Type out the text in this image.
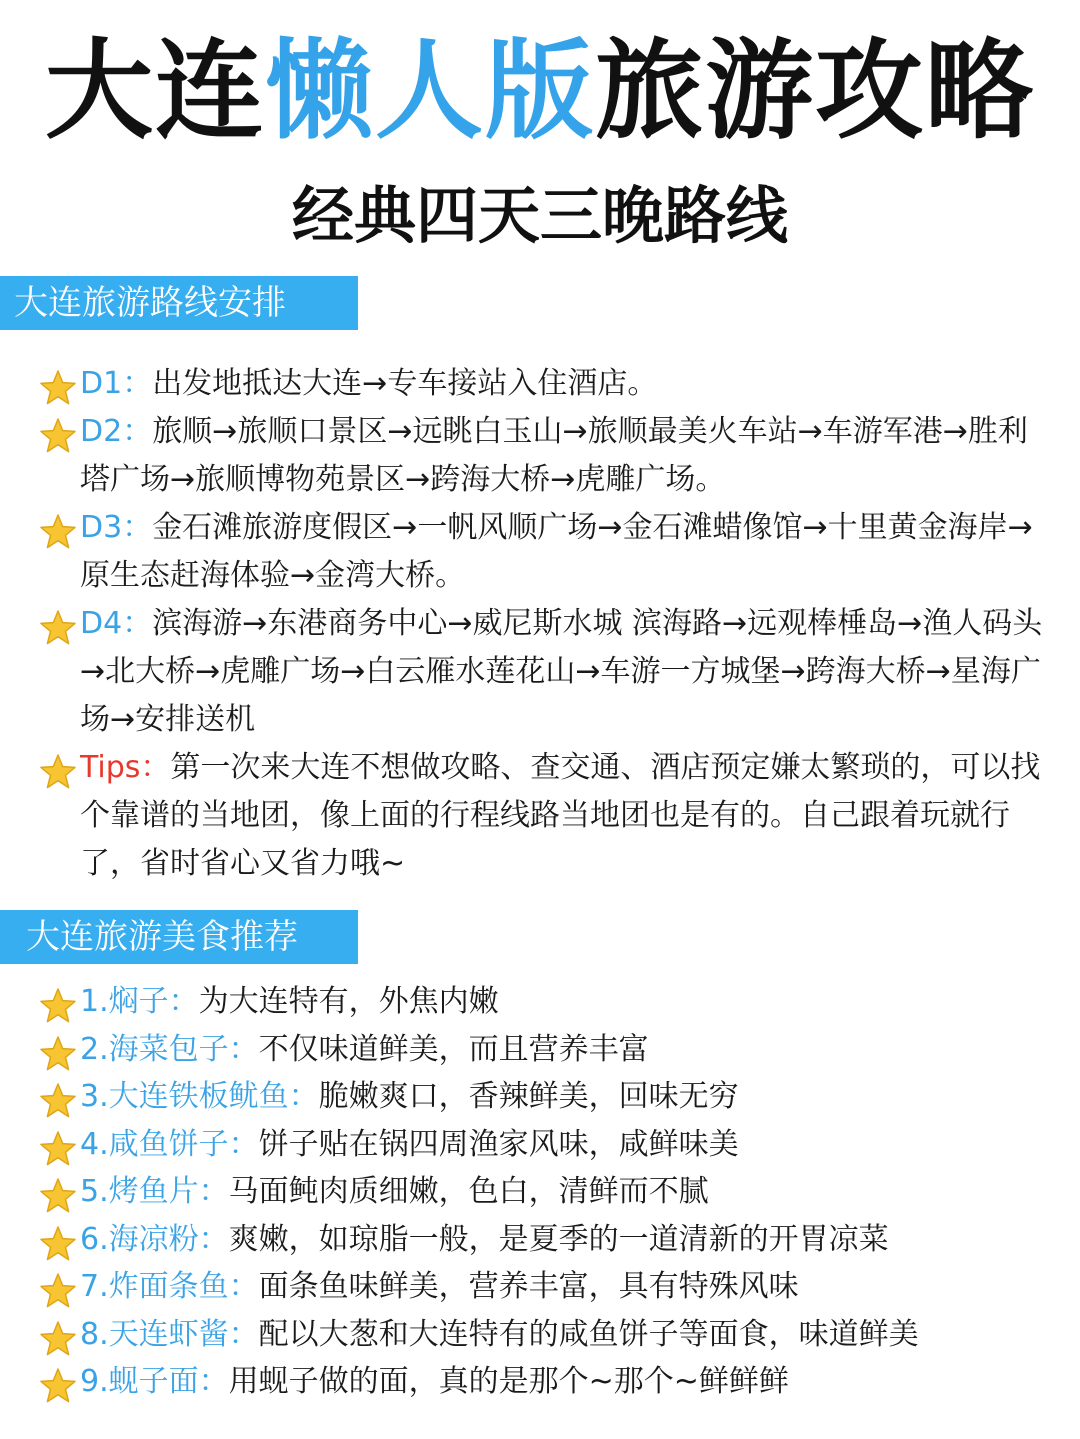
大连懒人版旅游攻略
经典四天三晚路线
大连旅游路线安排
D1：出发地抵达大连→专车接站入住酒店。
D2：旅顺→旅顺口景区→远眺白玉山→旅顺最美火车站→车游军港→胜利塔广场→旅顺博物苑景区→跨海大桥→虎雕广场。
D3：金石滩旅游度假区→一帆风顺广场→金石滩蜡像馆→十里黄金海岸→原生态赶海体验→金湾大桥。
D4：滨海游→东港商务中心→威尼斯水城 滨海路→远观棒棰岛→渔人码头→北大桥→虎雕广场→白云雁水莲花山→车游一方城堡→跨海大桥→星海广场→安排送机
Tips：第一次来大连不想做攻略、查交通、酒店预定嫌太繁琐的，可以找个靠谱的当地团，像上面的行程线路当地团也是有的。自己跟着玩就行了，省时省心又省力哦~
大连旅游美食推荐
1.焖子：为大连特有，外焦内嫩
2.海菜包子：不仅味道鲜美，而且营养丰富
3.大连铁板鱿鱼：脆嫩爽口，香辣鲜美，回味无穷
4.咸鱼饼子：饼子贴在锅四周渔家风味，咸鲜味美
5.烤鱼片：马面鲀肉质细嫩，色白，清鲜而不腻
6.海凉粉：爽嫩，如琼脂一般，是夏季的一道清新的开胃凉菜
7.炸面条鱼：面条鱼味鲜美，营养丰富，具有特殊风味
8.天连虾酱：配以大葱和大连特有的咸鱼饼子等面食，味道鲜美
9.蚬子面：用蚬子做的面，真的是那个~那个~鲜鲜鲜
